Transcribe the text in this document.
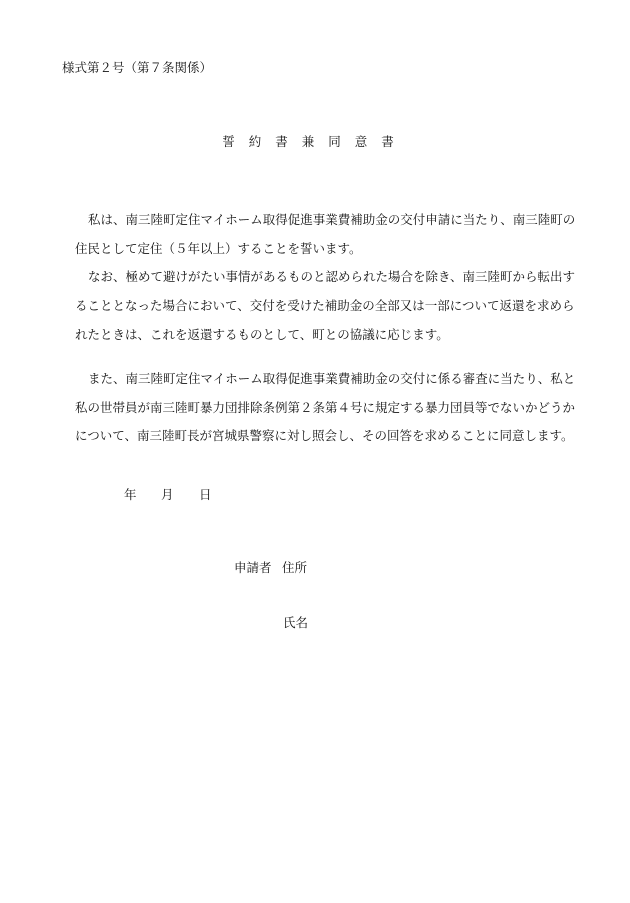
様式第２号（第７条関係）
誓約書兼同意書
私は、南三陸町定住マイホーム取得促進事業費補助金の交付申請に当たり、南三陸町の
住民として定住（５年以上）することを誓います。
なお、極めて避けがたい事情があるものと認められた場合を除き、南三陸町から転出す
ることとなった場合において、交付を受けた補助金の全部又は一部について返還を求めら
れたときは、これを返還するものとして、町との協議に応じます。
また、南三陸町定住マイホーム取得促進事業費補助金の交付に係る審査に当たり、私と
私の世帯員が南三陸町暴力団排除条例第２条第４号に規定する暴力団員等でないかどうか
について、南三陸町長が宮城県警察に対し照会し、その回答を求めることに同意します。
年 月 日
申請者 住所
氏名
